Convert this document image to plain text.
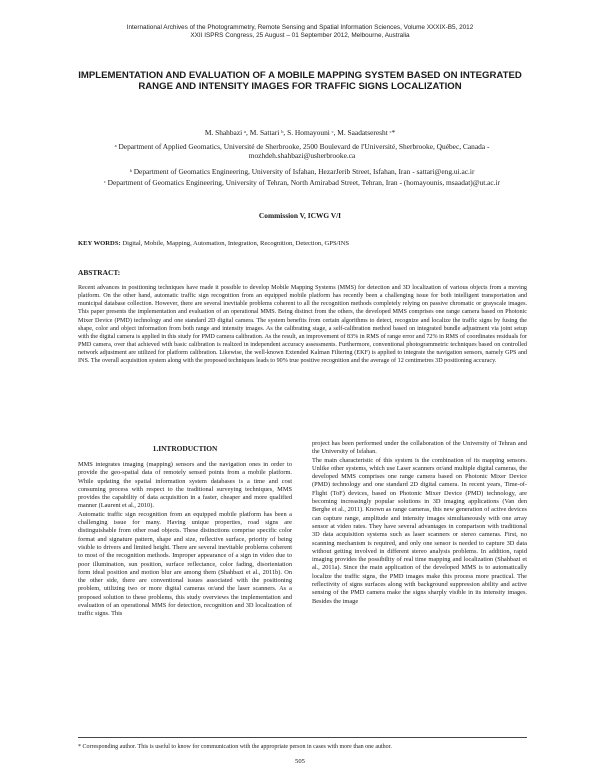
International Archives of the Photogrammetry, Remote Sensing and Spatial Information Sciences, Volume XXXIX-B5, 2012
XXII ISPRS Congress, 25 August – 01 September 2012, Melbourne, Australia
IMPLEMENTATION AND EVALUATION OF A MOBILE MAPPING SYSTEM BASED ON INTEGRATED RANGE AND INTENSITY IMAGES FOR TRAFFIC SIGNS LOCALIZATION
M. Shahbazi ᵃ, M. Sattari ᵇ, S. Homayouni ᶜ, M. Saadatseresht ᶜ*
ᵃ Department of Applied Geomatics, Université de Sherbrooke, 2500 Boulevard de l'Université, Sherbrooke, Québec, Canada - mozhdeh.shahbazi@usherbrooke.ca
ᵇ Department of Geomatics Engineering, University of Isfahan, HezarJerib Street, Isfahan, Iran - sattari@eng.ui.ac.ir
ᶜ Department of Geomatics Engineering, University of Tehran, North Amirabad Street, Tehran, Iran - (homayounis, msaadat)@ut.ac.ir
Commission V, ICWG V/I
KEY WORDS: Digital, Mobile, Mapping, Automation, Integration, Recognition, Detection, GPS/INS
ABSTRACT:
Recent advances in positioning techniques have made it possible to develop Mobile Mapping Systems (MMS) for detection and 3D localization of various objects from a moving platform. On the other hand, automatic traffic sign recognition from an equipped mobile platform has recently been a challenging issue for both intelligent transportation and municipal database collection. However, there are several inevitable problems coherent to all the recognition methods completely relying on passive chromatic or grayscale images. This paper presents the implementation and evaluation of an operational MMS. Being distinct from the others, the developed MMS comprises one range camera based on Photonic Mixer Device (PMD) technology and one standard 2D digital camera. The system benefits from certain algorithms to detect, recognize and localize the traffic signs by fusing the shape, color and object information from both range and intensity images. As the calibrating stage, a self-calibration method based on integrated bundle adjustment via joint setup with the digital camera is applied in this study for PMD camera calibration. As the result, an improvement of 83% in RMS of range error and 72% in RMS of coordinates residuals for PMD camera, over that achieved with basic calibration is realized in independent accuracy assessments. Furthermore, conventional photogrammetric techniques based on controlled network adjustment are utilized for platform calibration. Likewise, the well-known Extended Kalman Filtering (EKF) is applied to integrate the navigation sensors, namely GPS and INS. The overall acquisition system along with the proposed techniques leads to 90% true positive recognition and the average of 12 centimetres 3D positioning accuracy.
1.INTRODUCTION

MMS integrates imaging (mapping) sensors and the navigation ones in order to provide the geo-spatial data of remotely sensed points from a mobile platform. While updating the spatial information system databases is a time and cost consuming process with respect to the traditional surveying techniques, MMS provides the capability of data acquisition in a faster, cheaper and more qualified manner (Laurent et al., 2010).

Automatic traffic sign recognition from an equipped mobile platform has been a challenging issue for many. Having unique properties, road signs are distinguishable from other road objects. These distinctions comprise specific color format and signature pattern, shape and size, reflective surface, priority of being visible to drivers and limited height. There are several inevitable problems coherent to most of the recognition methods. Improper appearance of a sign in video due to poor illumination, sun position, surface reflectance, color fading, disorientation form ideal position and motion blur are among them (Shahbazi et al., 2011b). On the other side, there are conventional issues associated with the positioning problem, utilizing two or more digital cameras or/and the laser scanners. As a proposed solution to these problems, this study overviews the implementation and evaluation of an operational MMS for detection, recognition and 3D localization of traffic signs. This

project has been performed under the collaboration of the University of Tehran and the University of Isfahan.

The main characteristic of this system is the combination of its mapping sensors. Unlike other systems, which use Laser scanners or/and multiple digital cameras, the developed MMS comprises one range camera based on Photonic Mixer Device (PMD) technology and one standard 2D digital camera. In recent years, Time-of-Flight (ToF) devices, based on Photonic Mixer Device (PMD) technology, are becoming increasingly popular solutions in 3D imaging applications (Van den Berghe et al., 2011). Known as range cameras, this new generation of active devices can capture range, amplitude and intensity images simultaneously with one array sensor at video rates. They have several advantages in comparison with traditional 3D data acquisition systems such as laser scanners or stereo cameras. First, no scanning mechanism is required, and only one sensor is needed to capture 3D data without getting involved in different stereo analysis problems. In addition, rapid imaging provides the possibility of real time mapping and localization (Shahbazi et al., 2011a). Since the main application of the developed MMS is to automatically localize the traffic signs, the PMD images make this process more practical. The reflectivity of signs surfaces along with background suppression ability and active sensing of the PMD camera make the signs sharply visible in its intensity images. Besides the image

* Corresponding author. This is useful to know for communication with the appropriate person in cases with more than one author.
505
